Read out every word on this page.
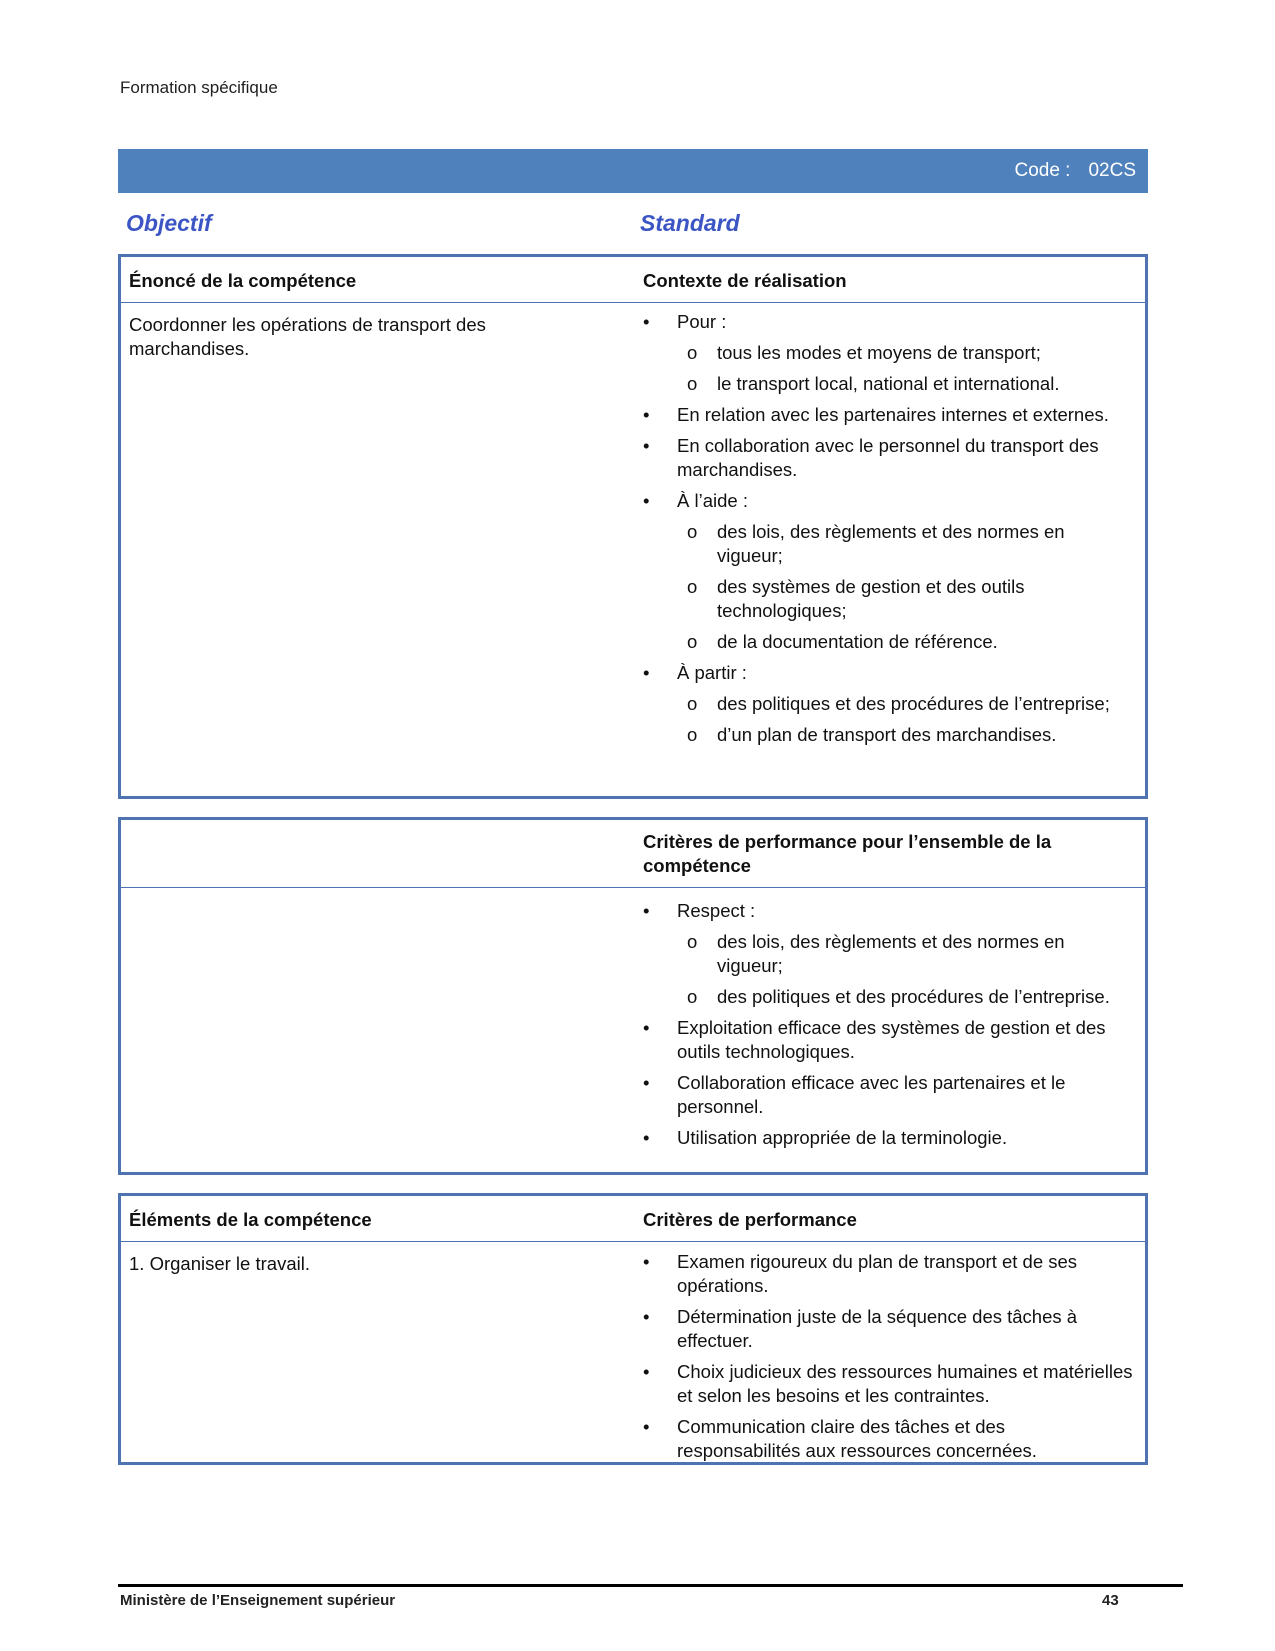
Formation spécifique
Code : 02CS
Objectif	Standard
Énoncé de la compétence	Contexte de réalisation
Coordonner les opérations de transport des marchandises.
• Pour :
o tous les modes et moyens de transport;
o le transport local, national et international.
• En relation avec les partenaires internes et externes.
• En collaboration avec le personnel du transport des marchandises.
• À l’aide :
o des lois, des règlements et des normes en vigueur;
o des systèmes de gestion et des outils technologiques;
o de la documentation de référence.
• À partir :
o des politiques et des procédures de l’entreprise;
o d’un plan de transport des marchandises.
Critères de performance pour l’ensemble de la compétence
• Respect :
o des lois, des règlements et des normes en vigueur;
o des politiques et des procédures de l’entreprise.
• Exploitation efficace des systèmes de gestion et des outils technologiques.
• Collaboration efficace avec les partenaires et le personnel.
• Utilisation appropriée de la terminologie.
Éléments de la compétence	Critères de performance
1. Organiser le travail.
•	Examen rigoureux du plan de transport et de ses opérations.
• Détermination juste de la séquence des tâches à effectuer.
• Choix judicieux des ressources humaines et matérielles et selon les besoins et les contraintes.
• Communication claire des tâches et des responsabilités aux ressources concernées.
Ministère de l’Enseignement supérieur	43
